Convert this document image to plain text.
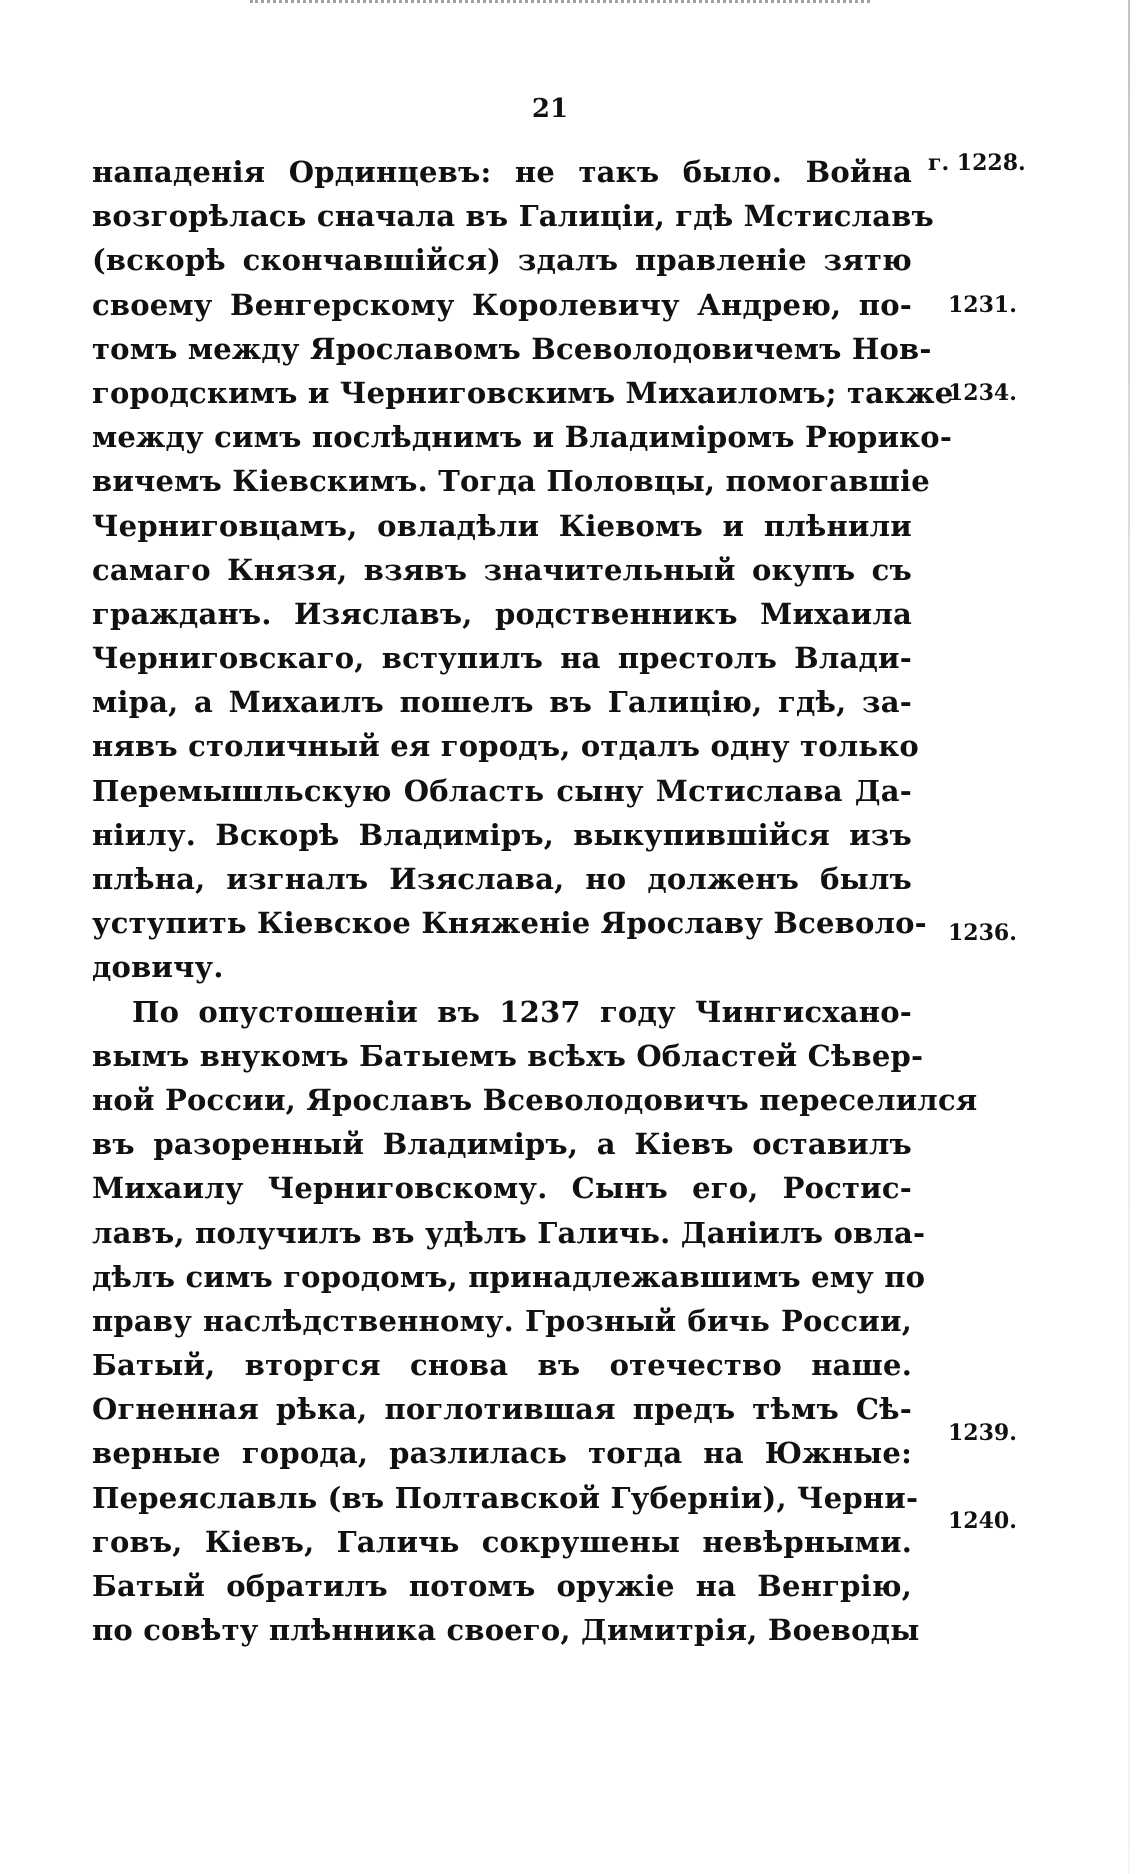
21
нападенія Ординцевъ: не такъ было. Война
возгорѣлась сначала въ Галиціи, гдѣ Мстиславъ
(вскорѣ скончавшійся) здалъ правленіе зятю
своему Венгерскому Королевичу Андрею, по-
томъ между Ярославомъ Всеволодовичемъ Нов-
городскимъ и Черниговскимъ Михаиломъ; также
между симъ послѣднимъ и Владиміромъ Рюрико-
вичемъ Кіевскимъ. Тогда Половцы, помогавшіе
Черниговцамъ, овладѣли Кіевомъ и плѣнили
самаго Князя, взявъ значительный окупъ съ
гражданъ. Изяславъ, родственникъ Михаила
Черниговскаго, вступилъ на престолъ Влади-
міра, а Михаилъ пошелъ въ Галицію, гдѣ, за-
нявъ столичный ея городъ, отдалъ одну только
Перемышльскую Область сыну Мстислава Да-
ніилу. Вскорѣ Владиміръ, выкупившійся изъ
плѣна, изгналъ Изяслава, но долженъ былъ
уступить Кіевское Княженіе Ярославу Всеволо-
довичу.
По опустошеніи въ 1237 году Чингисхано-
вымъ внукомъ Батыемъ всѣхъ Областей Сѣвер-
ной России, Ярославъ Всеволодовичъ переселился
въ разоренный Владиміръ, а Кіевъ оставилъ
Михаилу Черниговскому. Сынъ его, Ростис-
лавъ, получилъ въ удѣлъ Галичь. Даніилъ овла-
дѣлъ симъ городомъ, принадлежавшимъ ему по
праву наслѣдственному. Грозный бичь России,
Батый, вторгся снова въ отечество наше.
Огненная рѣка, поглотившая предъ тѣмъ Сѣ-
верные города, разлилась тогда на Южные:
Переяславль (въ Полтавской Губерніи), Черни-
говъ, Кіевъ, Галичь сокрушены невѣрными.
Батый обратилъ потомъ оружіе на Венгрію,
по совѣту плѣнника своего, Димитрія, Воеводы
г. 1228.
1231.
1234.
1236.
1239.
1240.
